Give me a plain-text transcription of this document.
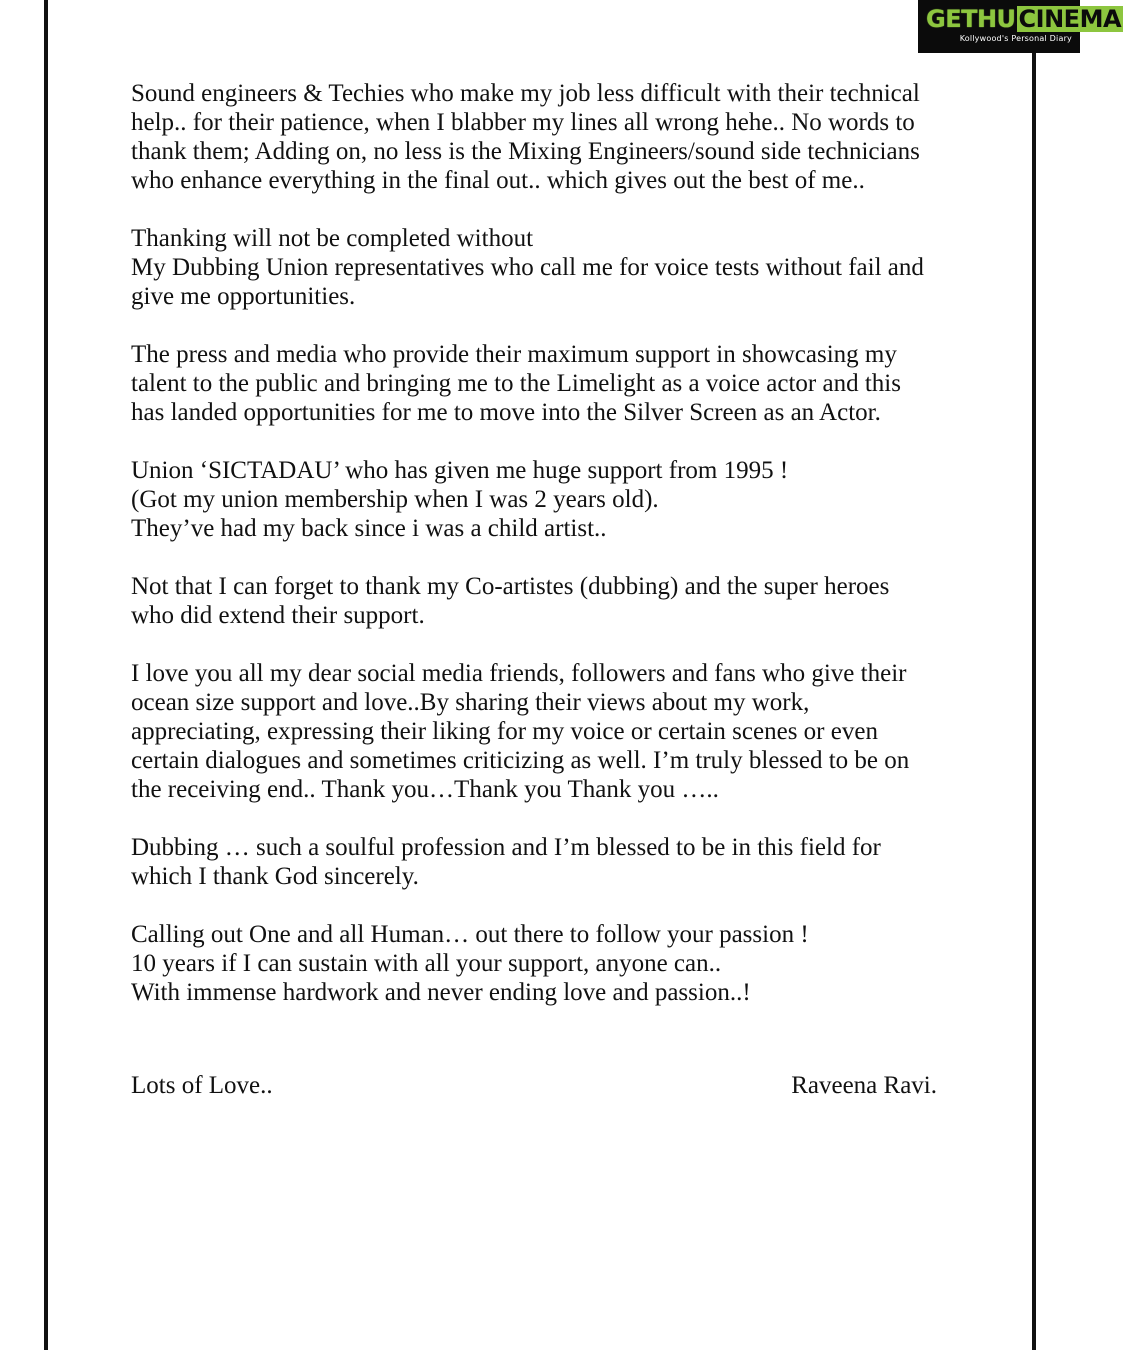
GETHU CINEMA
Kollywood's Personal Diary
Sound engineers & Techies who make my job less difficult with their technical
help.. for their patience, when I blabber my lines all wrong hehe.. No words to
thank them; Adding on, no less is the Mixing Engineers/sound side technicians
who enhance everything in the final out.. which gives out the best of me..
Thanking will not be completed without
My Dubbing Union representatives who call me for voice tests without fail and
give me opportunities.
The press and media who provide their maximum support in showcasing my
talent to the public and bringing me to the Limelight as a voice actor and this
has landed opportunities for me to move into the Silver Screen as an Actor.
Union ‘SICTADAU’ who has given me huge support from 1995 !
(Got my union membership when I was 2 years old).
They’ve had my back since i was a child artist..
Not that I can forget to thank my Co-artistes (dubbing) and the super heroes
who did extend their support.
I love you all my dear social media friends, followers and fans who give their
ocean size support and love..By sharing their views about my work,
appreciating, expressing their liking for my voice or certain scenes or even
certain dialogues and sometimes criticizing as well. I’m truly blessed to be on
the receiving end.. Thank you…Thank you Thank you …..
Dubbing … such a soulful profession and I’m blessed to be in this field for
which I thank God sincerely.
Calling out One and all Human… out there to follow your passion !
10 years if I can sustain with all your support, anyone can..
With immense hardwork and never ending love and passion..!
Lots of Love..	Raveena Ravi.
